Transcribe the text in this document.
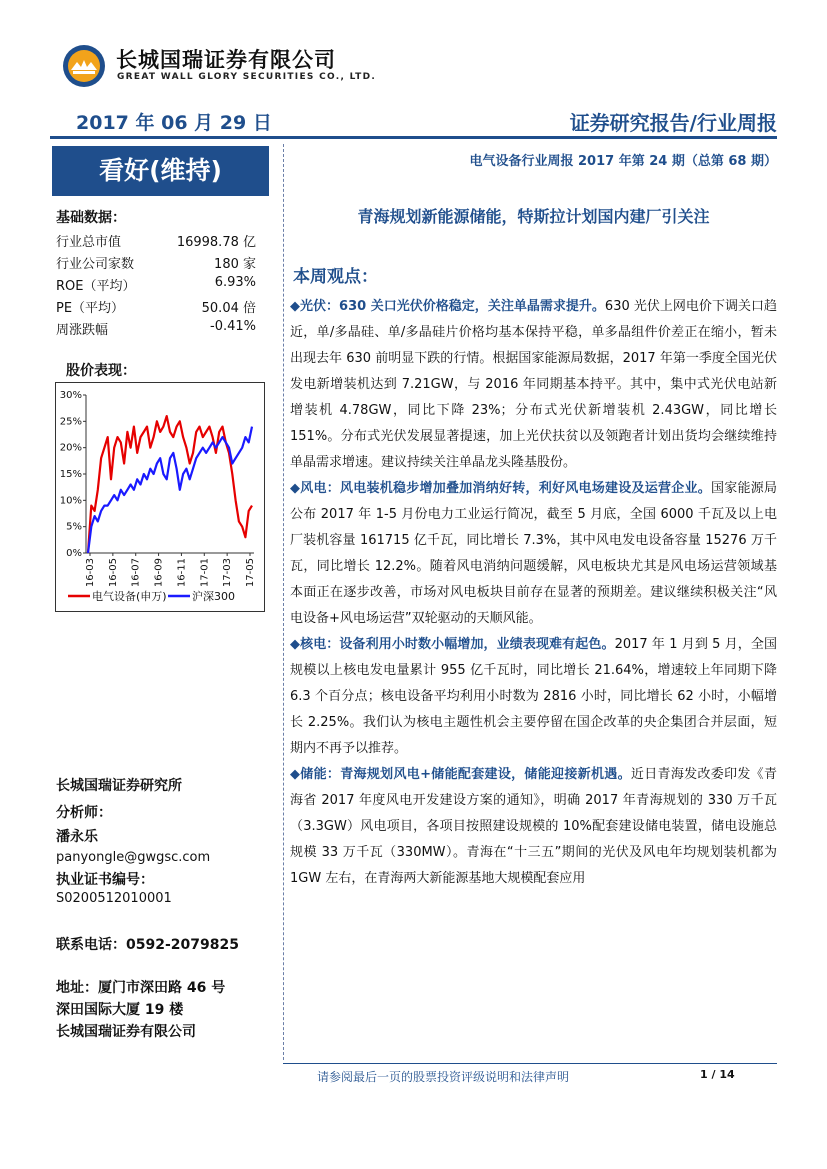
长城国瑞证券有限公司
GREAT WALL GLORY SECURITIES CO., LTD.
2017 年 06 月 29 日	证券研究报告/行业周报
电气设备行业周报 2017 年第 24 期（总第 68 期）
看好(维持)
基础数据：
行业总市值	16998.78 亿
行业公司家数	180 家
ROE（平均）	6.93%
PE（平均）	50.04 倍
周涨跌幅	-0.41%
股价表现：
0%
5%
10%
15%
20%
25%
30%
16-03 16-05 16-07 16-09 16-11 17-01 17-03 17-05
电气设备(申万) 沪深300
青海规划新能源储能，特斯拉计划国内建厂引关注
本周观点：

◆光伏：630 关口光伏价格稳定，关注单晶需求提升。630 光伏上网电价下调关口趋近，单/多晶硅、单/多晶硅片价格均基本保持平稳，单多晶组件价差正在缩小，暂未出现去年 630 前明显下跌的行情。根据国家能源局数据，2017 年第一季度全国光伏发电新增装机达到 7.21GW，与 2016 年同期基本持平。其中，集中式光伏电站新增装机 4.78GW，同比下降 23%；分布式光伏新增装机 2.43GW，同比增长 151%。分布式光伏发展显著提速，加上光伏扶贫以及领跑者计划出货均会继续维持单晶需求增速。建议持续关注单晶龙头隆基股份。

◆风电：风电装机稳步增加叠加消纳好转，利好风电场建设及运营企业。国家能源局公布 2017 年 1-5 月份电力工业运行简况，截至 5 月底，全国 6000 千瓦及以上电厂装机容量 161715 亿千瓦，同比增长 7.3%，其中风电发电设备容量 15276 万千瓦，同比增长 12.2%。随着风电消纳问题缓解，风电板块尤其是风电场运营领域基本面正在逐步改善，市场对风电板块目前存在显著的预期差。建议继续积极关注“风电设备+风电场运营”双轮驱动的天顺风能。

◆核电：设备利用小时数小幅增加，业绩表现难有起色。2017 年 1 月到 5 月，全国规模以上核电发电量累计 955 亿千瓦时，同比增长 21.64%，增速较上年同期下降 6.3 个百分点；核电设备平均利用小时数为 2816 小时，同比增长 62 小时，小幅增长 2.25%。我们认为核电主题性机会主要停留在国企改革的央企集团合并层面，短期内不再予以推荐。

◆储能：青海规划风电+储能配套建设，储能迎接新机遇。近日青海发改委印发《青海省 2017 年度风电开发建设方案的通知》，明确 2017 年青海规划的 330 万千瓦（3.3GW）风电项目，各项目按照建设规模的 10%配套建设储电装置，储电设施总规模 33 万千瓦（330MW）。青海在“十三五”期间的光伏及风电年均规划装机都为 1GW 左右，在青海两大新能源基地大规模配套应用

长城国瑞证券研究所
分析师：
潘永乐
panyongle@gwgsc.com
执业证书编号：
S0200512010001
联系电话：0592-2079825
地址：厦门市深田路 46 号
深田国际大厦 19 楼
长城国瑞证券有限公司
请参阅最后一页的股票投资评级说明和法律声明	1 / 14
